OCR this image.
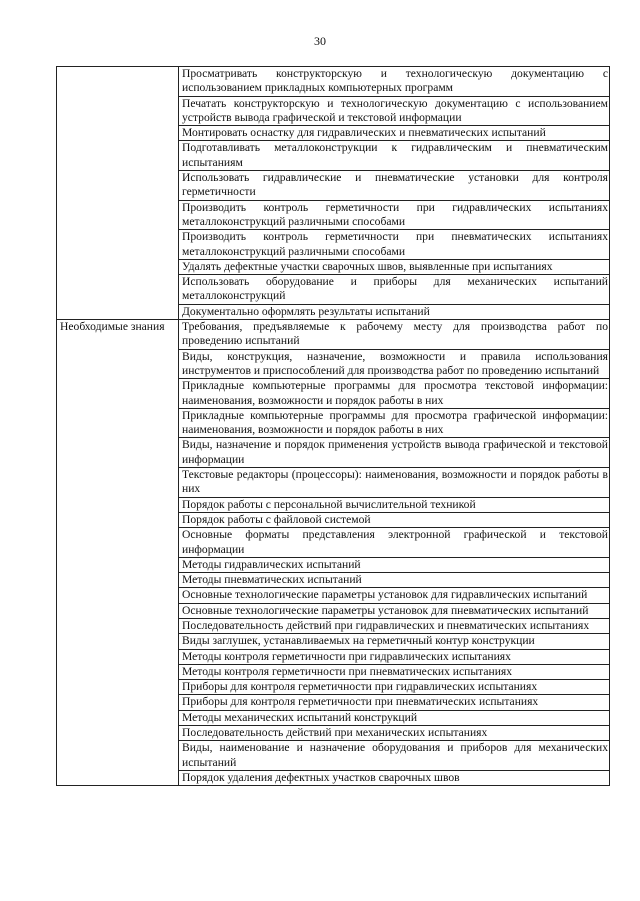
30
	Просматривать конструкторскую и технологическую документацию с использованием прикладных компьютерных программ
	Печатать конструкторскую и технологическую документацию с использованием устройств вывода графической и текстовой информации
	Монтировать оснастку для гидравлических и пневматических испытаний
	Подготавливать металлоконструкции к гидравлическим и пневматическим испытаниям
	Использовать гидравлические и пневматические установки для контроля герметичности
	Производить контроль герметичности при гидравлических испытаниях металлоконструкций различными способами
	Производить контроль герметичности при пневматических испытаниях металлоконструкций различными способами
	Удалять дефектные участки сварочных швов, выявленные при испытаниях
	Использовать оборудование и приборы для механических испытаний металлоконструкций
	Документально оформлять результаты испытаний

Необходимые знания	Требования, предъявляемые к рабочему месту для производства работ по проведению испытаний
	Виды, конструкция, назначение, возможности и правила использования инструментов и приспособлений для производства работ по проведению испытаний
	Прикладные компьютерные программы для просмотра текстовой информации: наименования, возможности и порядок работы в них
	Прикладные компьютерные программы для просмотра графической информации: наименования, возможности и порядок работы в них
	Виды, назначение и порядок применения устройств вывода графической и текстовой информации
	Текстовые редакторы (процессоры): наименования, возможности и порядок работы в них
	Порядок работы с персональной вычислительной техникой
	Порядок работы с файловой системой
	Основные форматы представления электронной графической и текстовой информации
	Методы гидравлических испытаний
	Методы пневматических испытаний
	Основные технологические параметры установок для гидравлических испытаний
	Основные технологические параметры установок для пневматических испытаний
	Последовательность действий при гидравлических и пневматических испытаниях
	Виды заглушек, устанавливаемых на герметичный контур конструкции
	Методы контроля герметичности при гидравлических испытаниях
	Методы контроля герметичности при пневматических испытаниях
	Приборы для контроля герметичности при гидравлических испытаниях
	Приборы для контроля герметичности при пневматических испытаниях
	Методы механических испытаний конструкций
	Последовательность действий при механических испытаниях
	Виды, наименование и назначение оборудования и приборов для механических испытаний
	Порядок удаления дефектных участков сварочных швов
